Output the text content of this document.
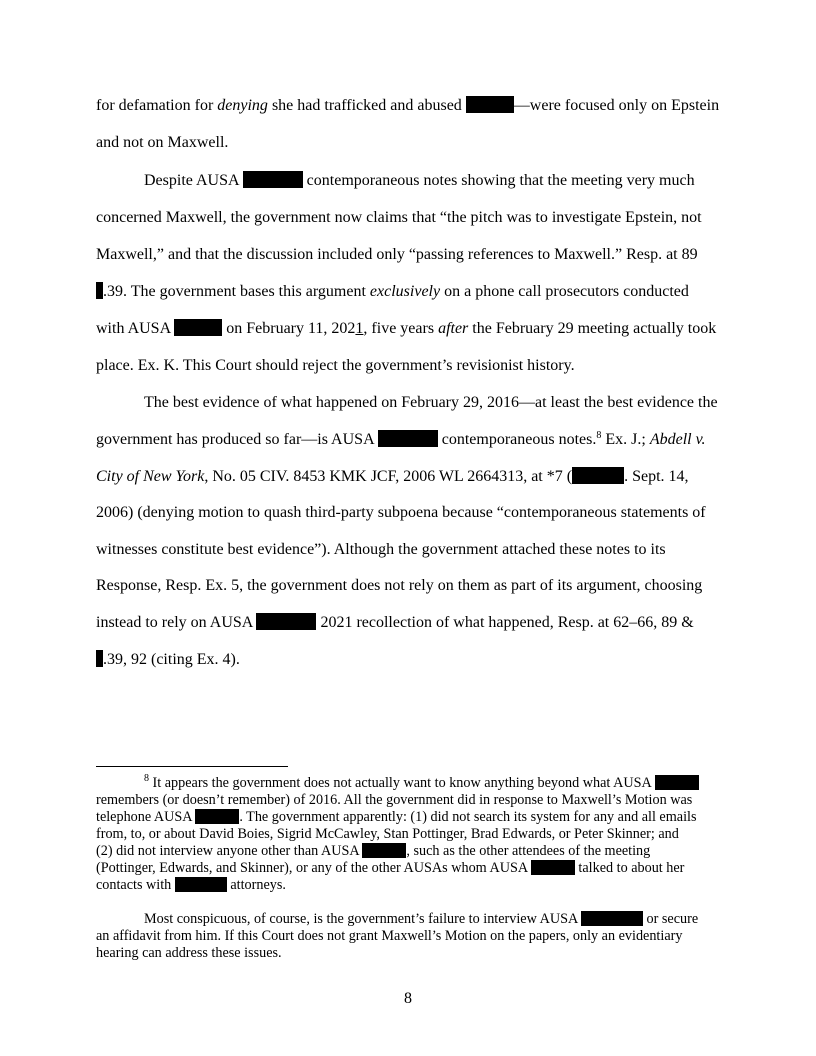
for defamation for denying she had trafficked and abused	—were focused only on Epstein
and not on Maxwell.
Despite AUSA	contemporaneous notes showing that the meeting very much
concerned Maxwell, the government now claims that “the pitch was to investigate Epstein, not
Maxwell,” and that the discussion included only “passing references to Maxwell.” Resp. at 89
.39. The government bases this argument exclusively on a phone call prosecutors conducted
with AUSA	on February 11, 2021, five years after the February 29 meeting actually took
place. Ex. K. This Court should reject the government’s revisionist history.
The best evidence of what happened on February 29, 2016—at least the best evidence the
government has produced so far—is AUSA	contemporaneous notes.$^8$ Ex. J.; Abdell v.
City of New York, No. 05 CIV. 8453 KMK JCF, 2006 WL 2664313, at *7 (	. Sept. 14,
2006) (denying motion to quash third-party subpoena because “contemporaneous statements of
witnesses constitute best evidence”). Although the government attached these notes to its
Response, Resp. Ex. 5, the government does not rely on them as part of its argument, choosing
instead to rely on AUSA	2021 recollection of what happened, Resp. at 62–66, 89 &
.39, 92 (citing Ex. 4).
$^8$ It appears the government does not actually want to know anything beyond what AUSA
remembers (or doesn’t remember) of 2016. All the government did in response to Maxwell’s Motion was
telephone AUSA	. The government apparently: (1) did not search its system for any and all emails
from, to, or about David Boies, Sigrid McCawley, Stan Pottinger, Brad Edwards, or Peter Skinner; and
(2) did not interview anyone other than AUSA	, such as the other attendees of the meeting
(Pottinger, Edwards, and Skinner), or any of the other AUSAs whom AUSA	talked to about her
contacts with	attorneys.
Most conspicuous, of course, is the government’s failure to interview AUSA	or secure
an affidavit from him. If this Court does not grant Maxwell’s Motion on the papers, only an evidentiary
hearing can address these issues.
8
